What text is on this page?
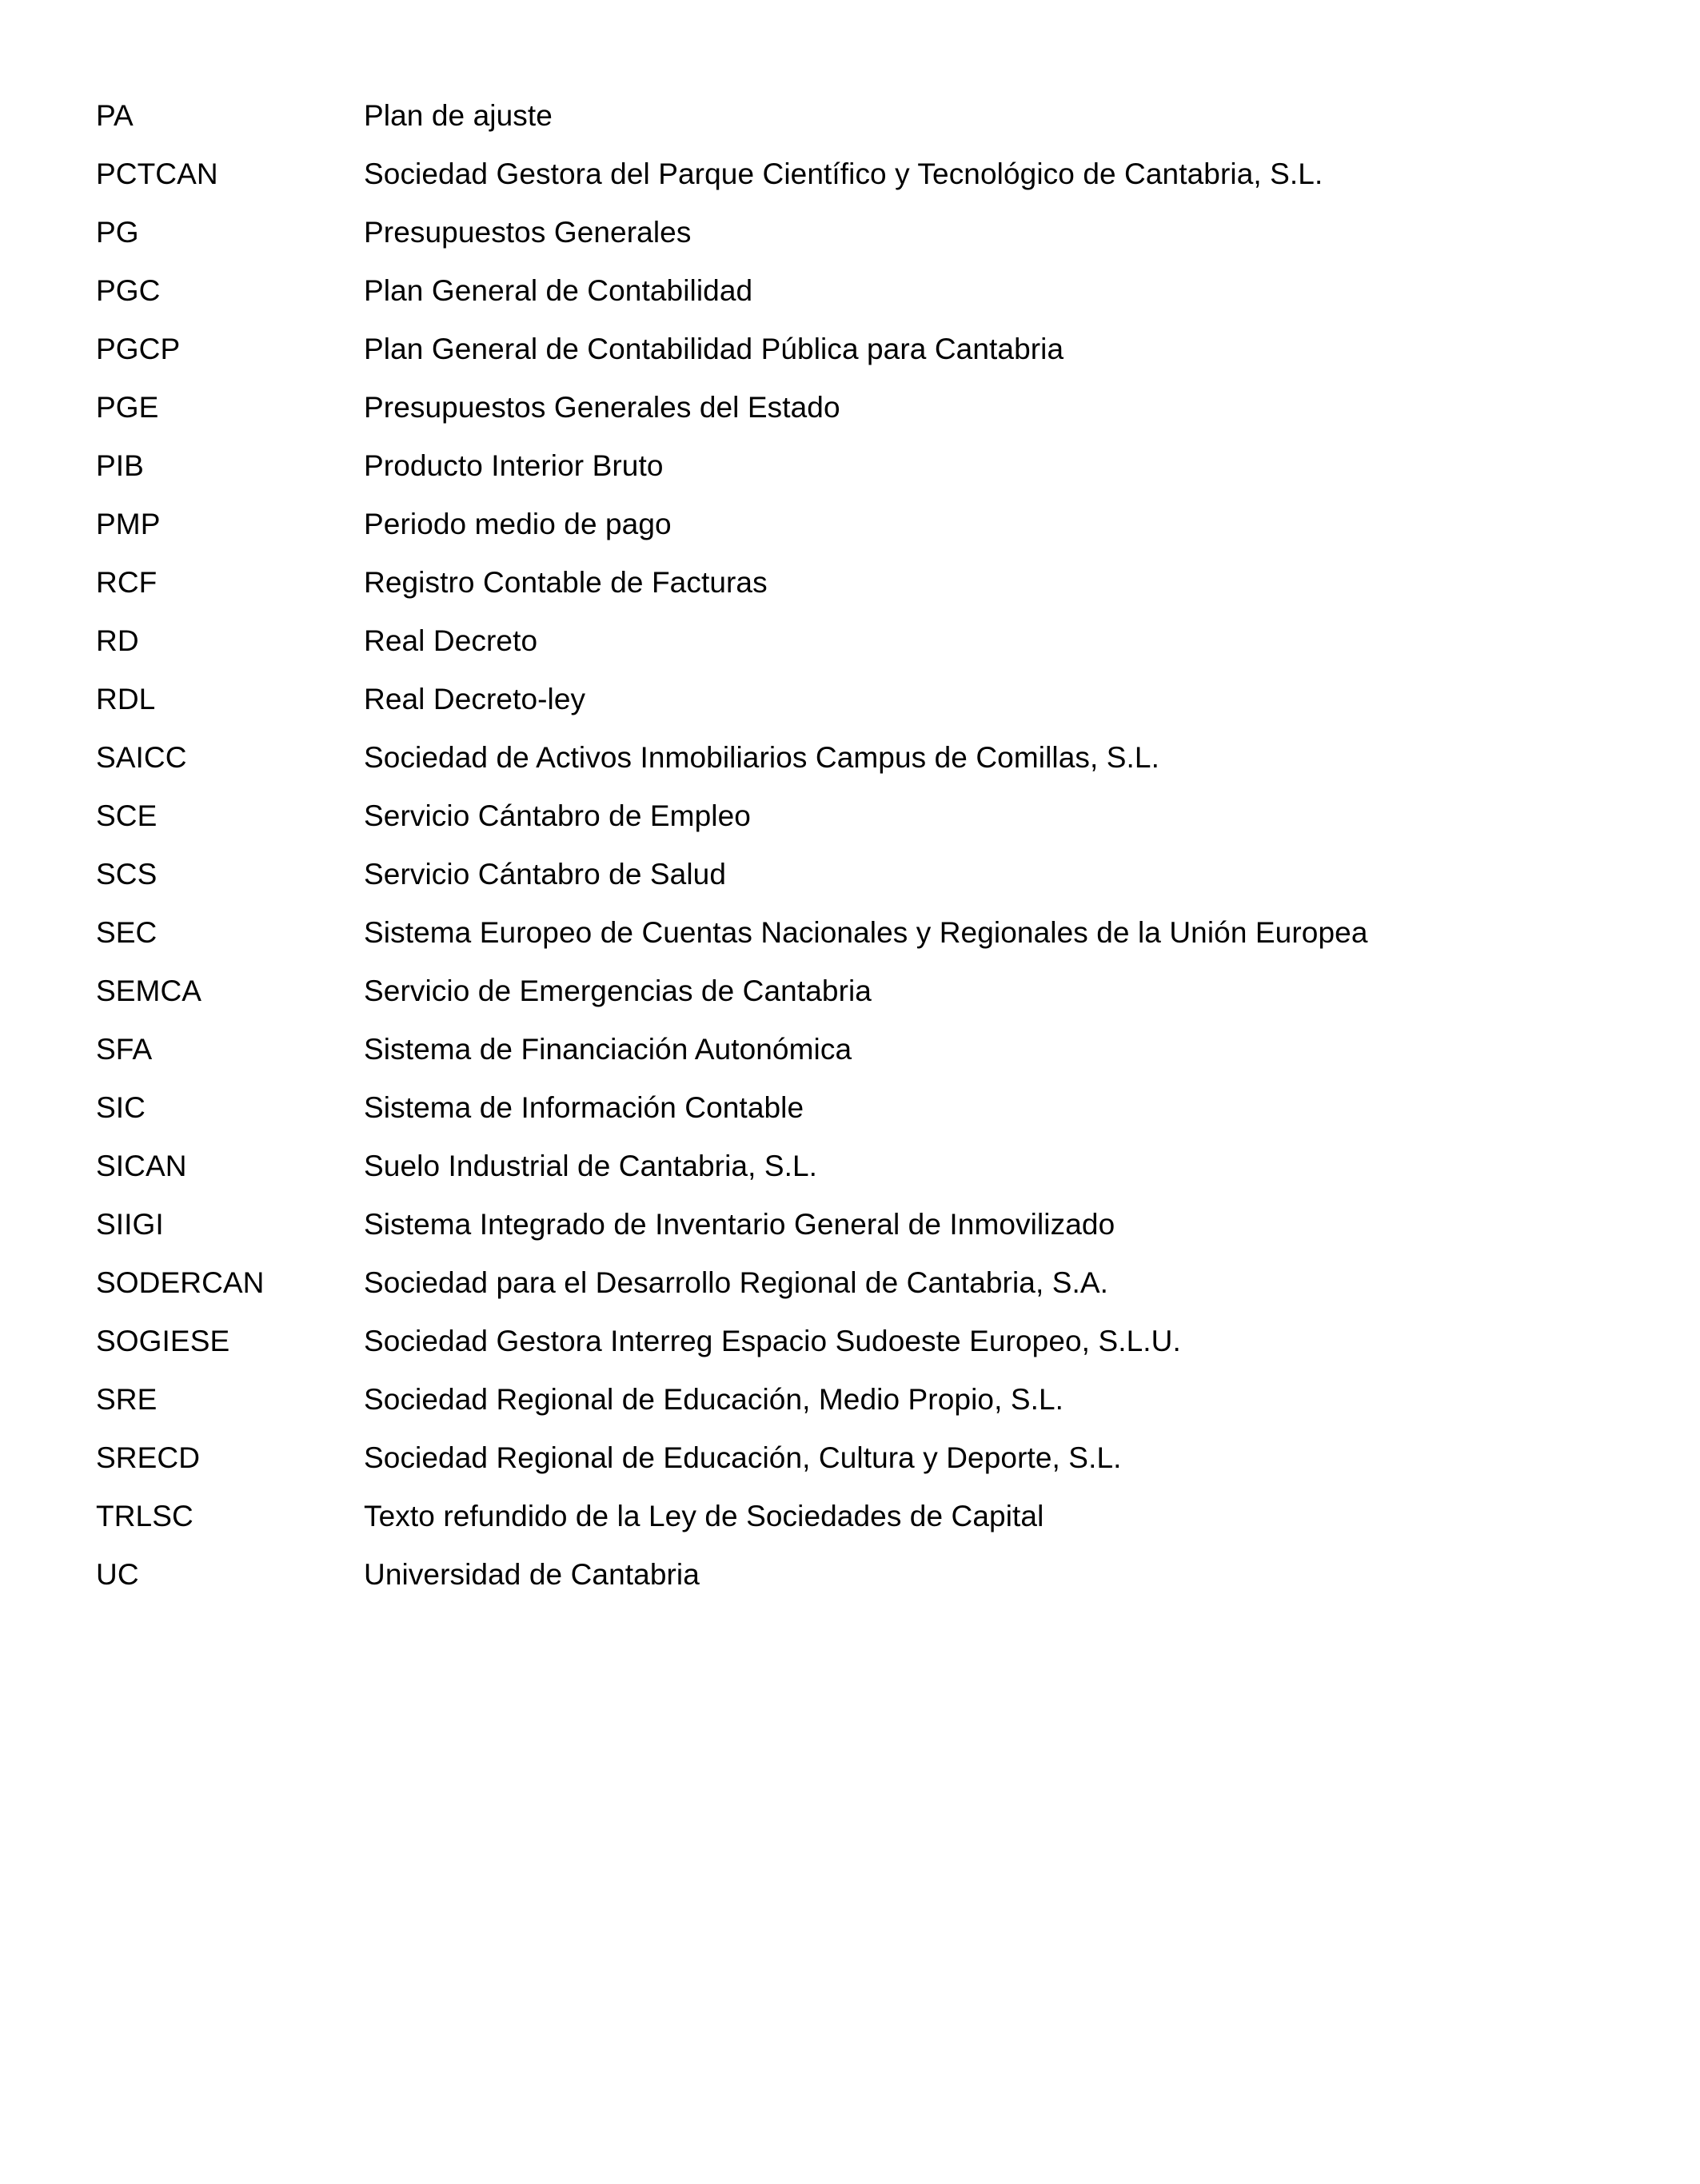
PA	Plan de ajuste
PCTCAN	Sociedad Gestora del Parque Científico y Tecnológico de Cantabria, S.L.
PG	Presupuestos Generales
PGC	Plan General de Contabilidad
PGCP	Plan General de Contabilidad Pública para Cantabria
PGE	Presupuestos Generales del Estado
PIB	Producto Interior Bruto
PMP	Periodo medio de pago
RCF	Registro Contable de Facturas
RD	Real Decreto
RDL	Real Decreto-ley
SAICC	Sociedad de Activos Inmobiliarios Campus de Comillas, S.L.
SCE	Servicio Cántabro de Empleo
SCS	Servicio Cántabro de Salud
SEC	Sistema Europeo de Cuentas Nacionales y Regionales de la Unión Europea
SEMCA	Servicio de Emergencias de Cantabria
SFA	Sistema de Financiación Autonómica
SIC	Sistema de Información Contable
SICAN	Suelo Industrial de Cantabria, S.L.
SIIGI	Sistema Integrado de Inventario General de Inmovilizado
SODERCAN	Sociedad para el Desarrollo Regional de Cantabria, S.A.
SOGIESE	Sociedad Gestora Interreg Espacio Sudoeste Europeo, S.L.U.
SRE	Sociedad Regional de Educación, Medio Propio, S.L.
SRECD	Sociedad Regional de Educación, Cultura y Deporte, S.L.
TRLSC	Texto refundido de la Ley de Sociedades de Capital
UC	Universidad de Cantabria
